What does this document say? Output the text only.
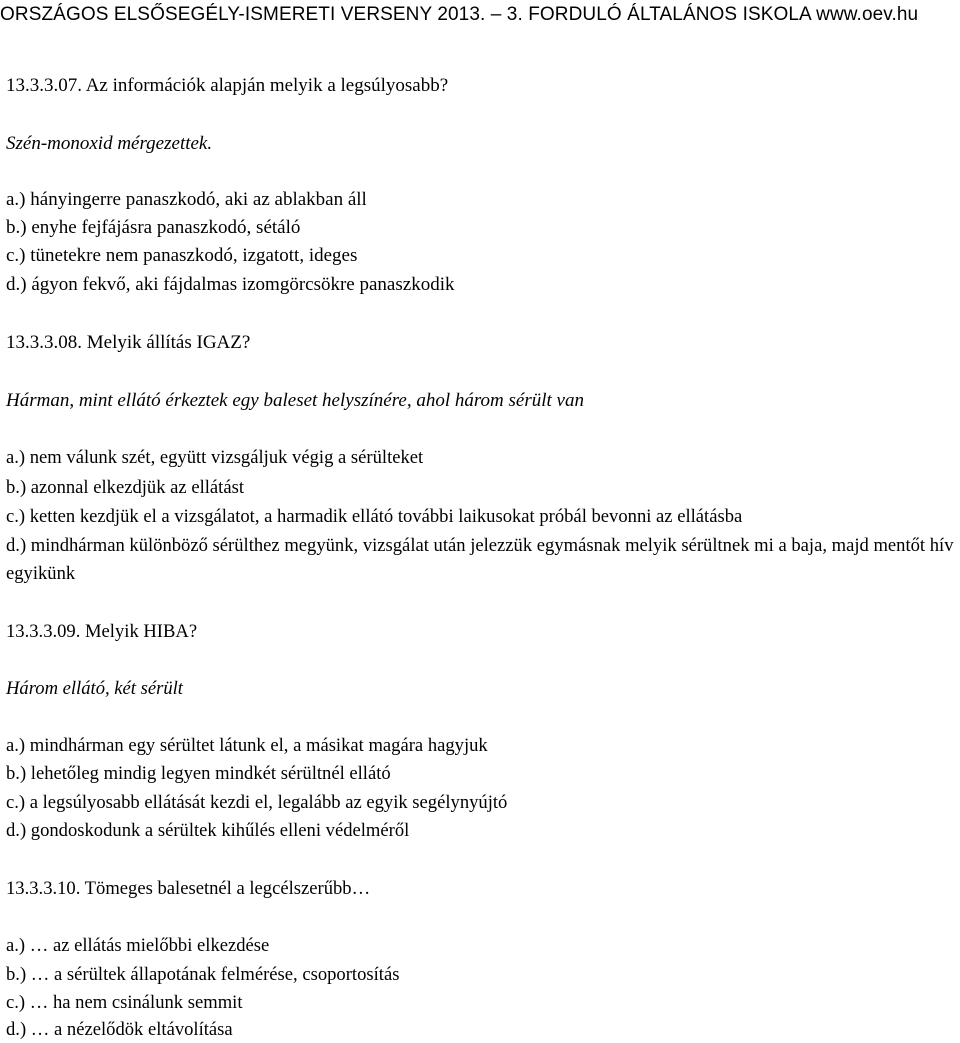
ORSZÁGOS ELSŐSEGÉLY-ISMERETI VERSENY 2013. – 3. FORDULÓ ÁLTALÁNOS ISKOLA www.oev.hu
13.3.3.07. Az információk alapján melyik a legsúlyosabb?
Szén-monoxid mérgezettek.
a.) hányingerre panaszkodó, aki az ablakban áll
b.) enyhe fejfájásra panaszkodó, sétáló
c.) tünetekre nem panaszkodó, izgatott, ideges
d.) ágyon fekvő, aki fájdalmas izomgörcsökre panaszkodik
13.3.3.08. Melyik állítás IGAZ?
Hárman, mint ellátó érkeztek egy baleset helyszínére, ahol három sérült van
a.) nem válunk szét, együtt vizsgáljuk végig a sérülteket
b.) azonnal elkezdjük az ellátást
c.) ketten kezdjük el a vizsgálatot, a harmadik ellátó további laikusokat próbál bevonni az ellátásba
d.) mindhárman különböző sérülthez megyünk, vizsgálat után jelezzük egymásnak melyik sérültnek mi a baja, majd mentőt hív egyikünk
13.3.3.09. Melyik HIBA?
Három ellátó, két sérült
a.) mindhárman egy sérültet látunk el, a másikat magára hagyjuk
b.) lehetőleg mindig legyen mindkét sérültnél ellátó
c.) a legsúlyosabb ellátását kezdi el, legalább az egyik segélynyújtó
d.) gondoskodunk a sérültek kihűlés elleni védelméről
13.3.3.10. Tömeges balesetnél a legcélszerűbb…
a.) … az ellátás mielőbbi elkezdése
b.) … a sérültek állapotának felmérése, csoportosítás
c.) … ha nem csinálunk semmit
d.) … a nézelődök eltávolítása
